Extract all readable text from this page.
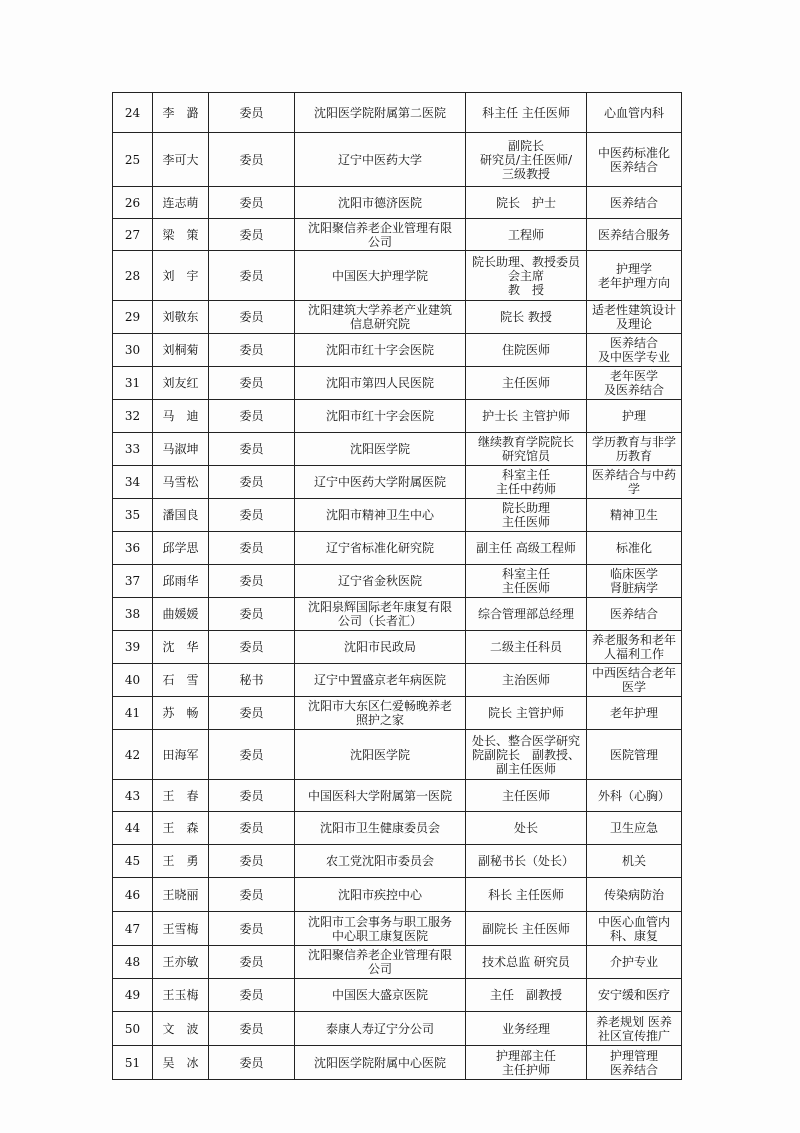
24	李　潞	委员	沈阳医学院附属第二医院	科主任 主任医师	心血管内科
25	李可大	委员	辽宁中医药大学	副院长
研究员/主任医师/
三级教授	中医药标准化
医养结合
26	连志萌	委员	沈阳市德济医院	院长　护士	医养结合
27	梁　策	委员	沈阳聚信养老企业管理有限
公司	工程师	医养结合服务
28	刘　宇	委员	中国医大护理学院	院长助理、教授委员
会主席
教　授	护理学
老年护理方向
29	刘敬东	委员	沈阳建筑大学养老产业建筑
信息研究院	院长 教授	适老性建筑设计
及理论
30	刘桐菊	委员	沈阳市红十字会医院	住院医师	医养结合
及中医学专业
31	刘友红	委员	沈阳市第四人民医院	主任医师	老年医学
及医养结合
32	马　迪	委员	沈阳市红十字会医院	护士长 主管护师	护理
33	马淑坤	委员	沈阳医学院	继续教育学院院长
研究馆员	学历教育与非学
历教育
34	马雪松	委员	辽宁中医药大学附属医院	科室主任
主任中药师	医养结合与中药
学
35	潘国良	委员	沈阳市精神卫生中心	院长助理
主任医师	精神卫生
36	邱学思	委员	辽宁省标准化研究院	副主任 高级工程师	标准化
37	邱雨华	委员	辽宁省金秋医院	科室主任
主任医师	临床医学
肾脏病学
38	曲媛媛	委员	沈阳泉辉国际老年康复有限
公司（长者汇）	综合管理部总经理	医养结合
39	沈　华	委员	沈阳市民政局	二级主任科员	养老服务和老年
人福利工作
40	石　雪	秘书	辽宁中置盛京老年病医院	主治医师	中西医结合老年
医学
41	苏　畅	委员	沈阳市大东区仁爱畅晚养老
照护之家	院长 主管护师	老年护理
42	田海军	委员	沈阳医学院	处长、整合医学研究
院副院长　副教授、
副主任医师	医院管理
43	王　春	委员	中国医科大学附属第一医院	主任医师	外科（心胸）
44	王　森	委员	沈阳市卫生健康委员会	处长	卫生应急
45	王　勇	委员	农工党沈阳市委员会	副秘书长（处长）	机关
46	王晓丽	委员	沈阳市疾控中心	科长 主任医师	传染病防治
47	王雪梅	委员	沈阳市工会事务与职工服务
中心职工康复医院	副院长 主任医师	中医心血管内
科、康复
48	王亦敏	委员	沈阳聚信养老企业管理有限
公司	技术总监 研究员	介护专业
49	王玉梅	委员	中国医大盛京医院	主任　副教授	安宁缓和医疗
50	文　波	委员	泰康人寿辽宁分公司	业务经理	养老规划 医养
社区宣传推广
51	吴　冰	委员	沈阳医学院附属中心医院	护理部主任
主任护师	护理管理
医养结合
